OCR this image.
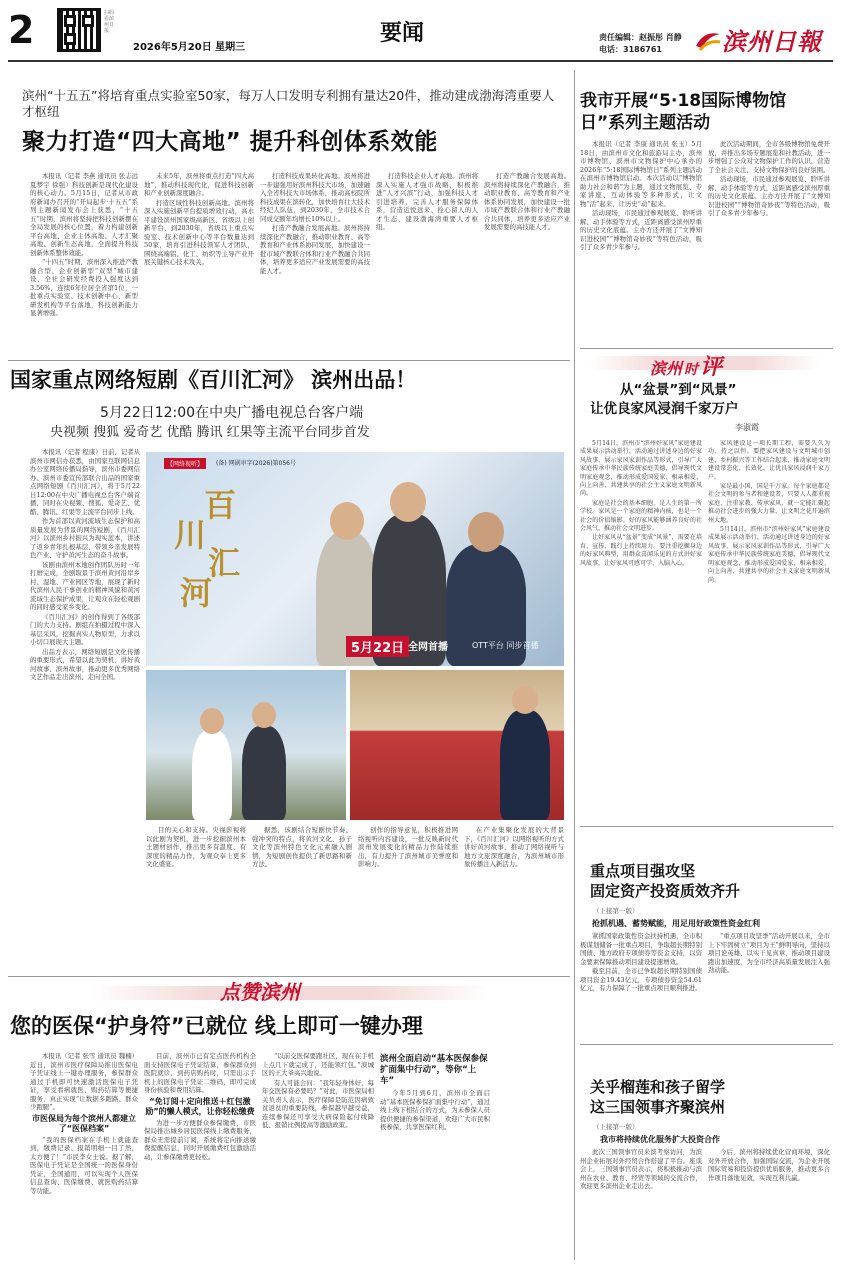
2	扫码看滨州日报
2026年5月20日 星期三
要闻	责任编辑：赵振彤 肖静
电话：3186761	滨州日報
滨州“十五五”将培育重点实验室50家，每万人口发明专利拥有量达20件，推动建成渤海湾重要人才枢纽
聚力打造“四大高地” 提升科创体系效能

本报讯（记者 李燕 通讯员 张志远 夏梦宇 徐强）科技创新是现代化建设的核心动力。5月15日，记者从市政府新闻办召开的“开局起步·十五五”系列主题新闻发布会上获悉，“十五五”时期，滨州将坚持把科技创新摆在全局发展的核心位置，着力构建创新平台高地、企业主体高地、人才汇聚高地、创新生态高地，全面提升科技创新体系整体效能。

“十四五”时期，滨州深入推进产教融合型、企业创新型“双型”城市建设，全社会研发经费投入强度达到3.56%，连续6年位居全省第1位，一批重点实验室、技术创新中心、新型研发机构等平台落地，科技创新能力显著增强。

未来5年，滨州将重点打造“四大高地”，推动科技现代化，促进科技创新和产业创新深度融合。

打造区域性科技创新高地。滨州将深入实施创新平台提质增效行动，高水平建设滨州国家级高新区、省级以上创新平台，到2030年，省级以上重点实验室、技术创新中心等平台数量达到50家，培育引进科技领军人才团队，围绕高端铝、化工、纺织等主导产业开展关键核心技术攻关。

打造科技成果转化高地。滨州将进一步建强用好滨州科技大市场，加速融入全省科技大市场体系，推动高校院所科技成果在滨转化，加快培育壮大技术经纪人队伍，到2030年，全市技术合同成交额年均增长10%以上。

打造产教融合发展高地。滨州将持续深化产教融合，推动职业教育、高等教育和产业体系协同发展，加快建设一批市域产教联合体和行业产教融合共同体，培养更多适应产业发展需要的高技能人才。

打造科技企业人才高地。滨州将深入实施人才强市战略，积极推进“人才兴滨”行动，加强科技人才引进培养，完善人才服务保障体系，营造近悦远来、拴心留人的人才生态，建设渤海湾重要人才枢纽。

打造产教融合发展高地。滨州将持续深化产教融合，推动职业教育、高等教育和产业体系协同发展，加快建设一批市域产教联合体和行业产教融合共同体，培养更多适应产业发展需要的高技能人才。

国家重点网络短剧《百川汇河》 滨州出品！
5月22日12:00在中央广播电视总台客户端
央视频 搜狐 爱奇艺 优酷 腾讯 红果等主流平台同步首发

本报讯（记者 程康）日前，记者从滨州市网信办获悉，由国家互联网信息办公室网络传播局指导，滨州市委网信办、滨州市委宣传部联合出品的国家重点网络短剧《百川汇河》，将于5月22日12:00在中央广播电视总台客户端首播，同时在央视频、搜狐、爱奇艺、优酷、腾讯、红果等主流平台同步上线。

作为首部以黄河流域生态保护和高质量发展为背景的网络短剧，《百川汇河》以滨州乡村振兴为现实蓝本，讲述了返乡青年扎根基层、带领乡亲发展特色产业、守护黄河生态的奋斗故事。

该剧由滨州本地创作团队历时一年打磨完成，全剧取景于滨州黄河沿岸乡村、湿地、产业园区等地，展现了新时代滨州人民干事创业的精神风貌和黄河流域生态保护成果，让观众在轻松观剧的同时感受家乡变化。

《百川汇河》的创作得到了各级部门的大力支持。剧组在拍摄过程中深入基层采风，挖掘真实人物原型，力求以小切口展现大主题。

出品方表示，网络短剧是文化传播的重要形式，希望以此为契机，讲好黄河故事、滨州故事，推动更多优秀网络文艺作品走出滨州、走向全国。

【网络视听】	(备) 网剧审字(2026)第056号
百
川
汇
河
5月22日 全网首播	OTT平台 同步首播

目的关心和支持。央视影视将以此剧为契机，进一步挖掘滨州本土题材创作，推出更多有温度、有深度的精品力作，为观众奉上更多文化盛宴。

据悉，该剧结合短剧快节奏、强冲突的特点，将黄河文化、孙子文化等滨州特色文化元素融入剧情，为短剧创作提供了新思路和新方法。

创作的指导意见，积极推进网络视听内容建设，一批反映新时代滨州发展变化的精品力作陆续推出，有力提升了滨州城市美誉度和影响力。

在产业集聚化发展的大背景下，《百川汇河》以网络视听的方式讲好黄河故事，推动了网络视听与地方文旅深度融合，为滨州城市形象传播注入新活力。

点赞滨州
您的医保“护身符”已就位 线上即可一键办理

本报讯（记者 张雪 通讯员 魏楠）近日，滨州市医疗保障局推出医保电子凭证线上一键办理服务，参保群众通过手机即可快速激活医保电子凭证，享受看病就医、购药结算等便捷服务，真正实现“让数据多跑路、群众少跑腿”。

市医保局为每个滨州人都建立了“医保档案”

“我的医保档案在手机上就能查到，缴费记录、报销明细一目了然，太方便了！”市民李女士说。据了解，医保电子凭证是全国统一的医保身份凭证，全国通用，可以实现个人医保信息查询、医保缴费、就医购药结算等功能。

目前，滨州市已有定点医药机构全面支持医保电子凭证结算，参保群众到医院就诊、到药店购药时，只需出示手机上的医保电子凭证二维码，即可完成身份核验和费用结算。

“免订阅＋定向推送＋红包激励”的懒人模式，让你轻松缴费

为进一步方便群众参保缴费，市医保局推出城乡居民医保线上缴费服务，群众无需提前订阅，系统将定向推送缴费提醒信息，同时开展缴费红包激励活动，让参保缴费更轻松。

“以前交医保要跑社区，现在在手机上点几下就完成了，还能领红包。”滨城区的王大爷高兴地说。

有人可能会问：“我年轻身体好，每年交医保有必要吗？”对此，市医保局相关负责人表示，医疗保障是防范因病致贫返贫的重要防线，参保越早越受益，连续参保还可享受大病保险起付线降低、报销比例提高等激励政策。

滨州全面启动“基本医保参保扩面集中行动”，等你“上车”

今年5月到6月，滨州市全面启动“基本医保参保扩面集中行动”，通过线上线下相结合的方式，为未参保人员提供便捷的参保渠道，欢迎广大市民积极参保，共享医保红利。

我市开展“5·18国际博物馆日”系列主题活动

本报讯（记者 李康 通讯员 张玉）5月18日，由滨州市文化和旅游局主办，滨州市博物馆、滨州市文物保护中心承办的2026年“5·18国际博物馆日”系列主题活动在滨州市博物馆启动。本次活动以“博物馆助力社会和谐”为主题，通过文物展览、专家讲座、互动体验等多种形式，让文物“活”起来、让历史“动”起来。

活动现场，市民通过参观展览、聆听讲解、动手体验等方式，近距离感受滨州厚重的历史文化底蕴。主办方还开展了“文博知识进校园”“博物馆奇妙夜”等特色活动，吸引了众多青少年参与。

此次活动期间，全市各级博物馆免费开放，并推出多场专题展览和社教活动，进一步增强了公众对文物保护工作的认识，营造了全社会关注、支持文物保护的良好氛围。

活动现场，市民通过参观展览、聆听讲解、动手体验等方式，近距离感受滨州厚重的历史文化底蕴。主办方还开展了“文博知识进校园”“博物馆奇妙夜”等特色活动，吸引了众多青少年参与。

滨州 时评
从“盆景”到“风景”
让优良家风浸润千家万户
李淑霞

5月14日，滨州市“滨州好家风”家庭建设成果展示活动举行。活动通过讲述身边的好家风故事、展示家风家训作品等形式，引导广大家庭传承中华民族传统家庭美德，倡导现代文明家庭观念，推动形成爱国爱家、相亲相爱、向上向善、共建共享的社会主义家庭文明新风尚。

家庭是社会的基本细胞，是人生的第一所学校。家风是一个家庭的精神内核，也是一个社会的价值缩影。好的家风能够涵养良好的社会风气，推动社会文明进步。

让好家风从“盆景”变成“风景”，需要在培育、宣传、践行上持续用力。要注重挖掘身边的好家风典型，用群众喜闻乐见的方式讲好家风故事，让好家风可感可学、入脑入心。

家风建设是一项长期工程，需要久久为功、持之以恒。要把家风建设与文明城市创建、乡村振兴等工作结合起来，推动家庭文明建设常态化、长效化，让优良家风浸润千家万户。

家是最小国，国是千万家。每个家庭都是社会文明的参与者和建设者，只要人人都重视家庭、注重家教、传承家风，就一定能汇聚起推动社会进步的强大力量，让文明之花开遍滨州大地。

5月14日，滨州市“滨州好家风”家庭建设成果展示活动举行。活动通过讲述身边的好家风故事、展示家风家训作品等形式，引导广大家庭传承中华民族传统家庭美德，倡导现代文明家庭观念，推动形成爱国爱家、相亲相爱、向上向善、共建共享的社会主义家庭文明新风尚。

重点项目强攻坚
固定资产投资质效齐升
（上接第一版）
抢抓机遇、蓄势赋能，用足用好政策性资金红利

紧抓国家政策性资金扶持机遇，全市积极谋划储备一批重点项目，争取超长期特别国债、地方政府专项债券等资金支持，以资金要素保障推动项目建设提速增效。

截至目前，全市已争取超长期特别国债项目资金19.43亿元，专项债券资金54.61亿元，有力保障了一批重点项目顺利推进。

“重点项目攻坚季”活动开展以来，全市上下牢固树立“项目为王”鲜明导向，坚持以项目论英雄、以实干见真章，推动项目建设跑出加速度，为全市经济高质量发展注入强劲动能。

关乎榴莲和孩子留学
这三国领事齐聚滨州
（上接第一版）
我市将持续优化服务扩大投资合作

此次三国领事官员来滨考察访问，为滨州企业拓展对外经贸合作搭建了平台。座谈会上，三国领事官员表示，将积极推动与滨州在农业、教育、经贸等领域的交流合作，欢迎更多滨州企业走出去。

今后，滨州将持续优化营商环境，深化对外开放合作，加强国际交流，为企业开展国际贸易和投资提供优质服务，推动更多合作项目落地见效，实现互利共赢。
